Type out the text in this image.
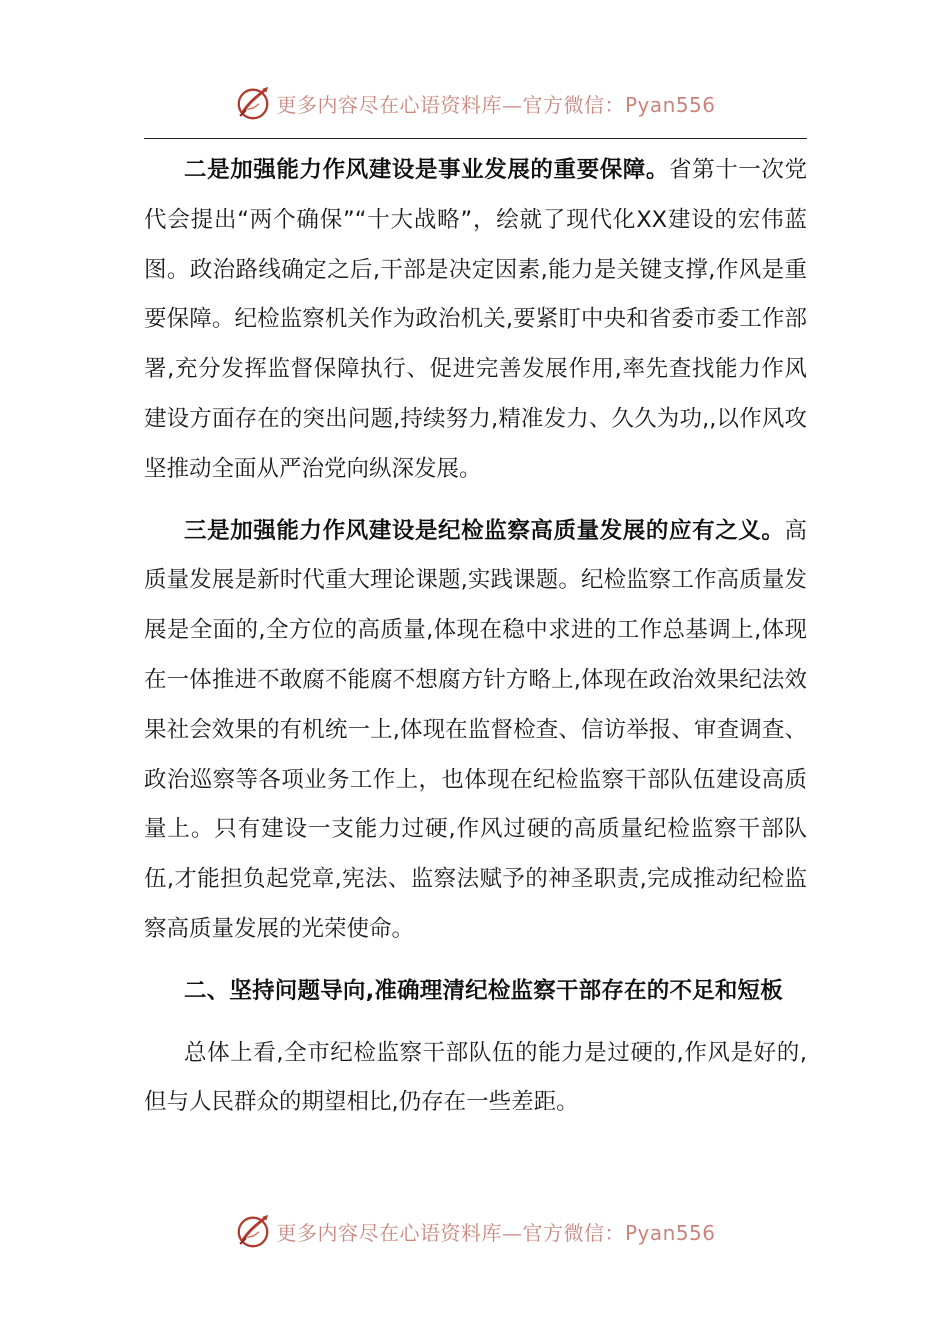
更多内容尽在心语资料库—官方微信：Pyan556

二是加强能力作风建设是事业发展的重要保障。省第十一次党代会提出“两个确保”“十大战略”，绘就了现代化XX建设的宏伟蓝图。政治路线确定之后,干部是决定因素,能力是关键支撑,作风是重要保障。纪检监察机关作为政治机关,要紧盯中央和省委市委工作部署,充分发挥监督保障执行、促进完善发展作用,率先查找能力作风建设方面存在的突出问题,持续努力,精准发力、久久为功,,以作风攻坚推动全面从严治党向纵深发展。

三是加强能力作风建设是纪检监察高质量发展的应有之义。高质量发展是新时代重大理论课题,实践课题。纪检监察工作高质量发展是全面的,全方位的高质量,体现在稳中求进的工作总基调上,体现在一体推进不敢腐不能腐不想腐方针方略上,体现在政治效果纪法效果社会效果的有机统一上,体现在监督检查、信访举报、审查调查、政治巡察等各项业务工作上，也体现在纪检监察干部队伍建设高质量上。只有建设一支能力过硬,作风过硬的高质量纪检监察干部队伍,才能担负起党章,宪法、监察法赋予的神圣职责,完成推动纪检监察高质量发展的光荣使命。

二、坚持问题导向,准确理清纪检监察干部存在的不足和短板

总体上看,全市纪检监察干部队伍的能力是过硬的,作风是好的,但与人民群众的期望相比,仍存在一些差距。

更多内容尽在心语资料库—官方微信：Pyan556
